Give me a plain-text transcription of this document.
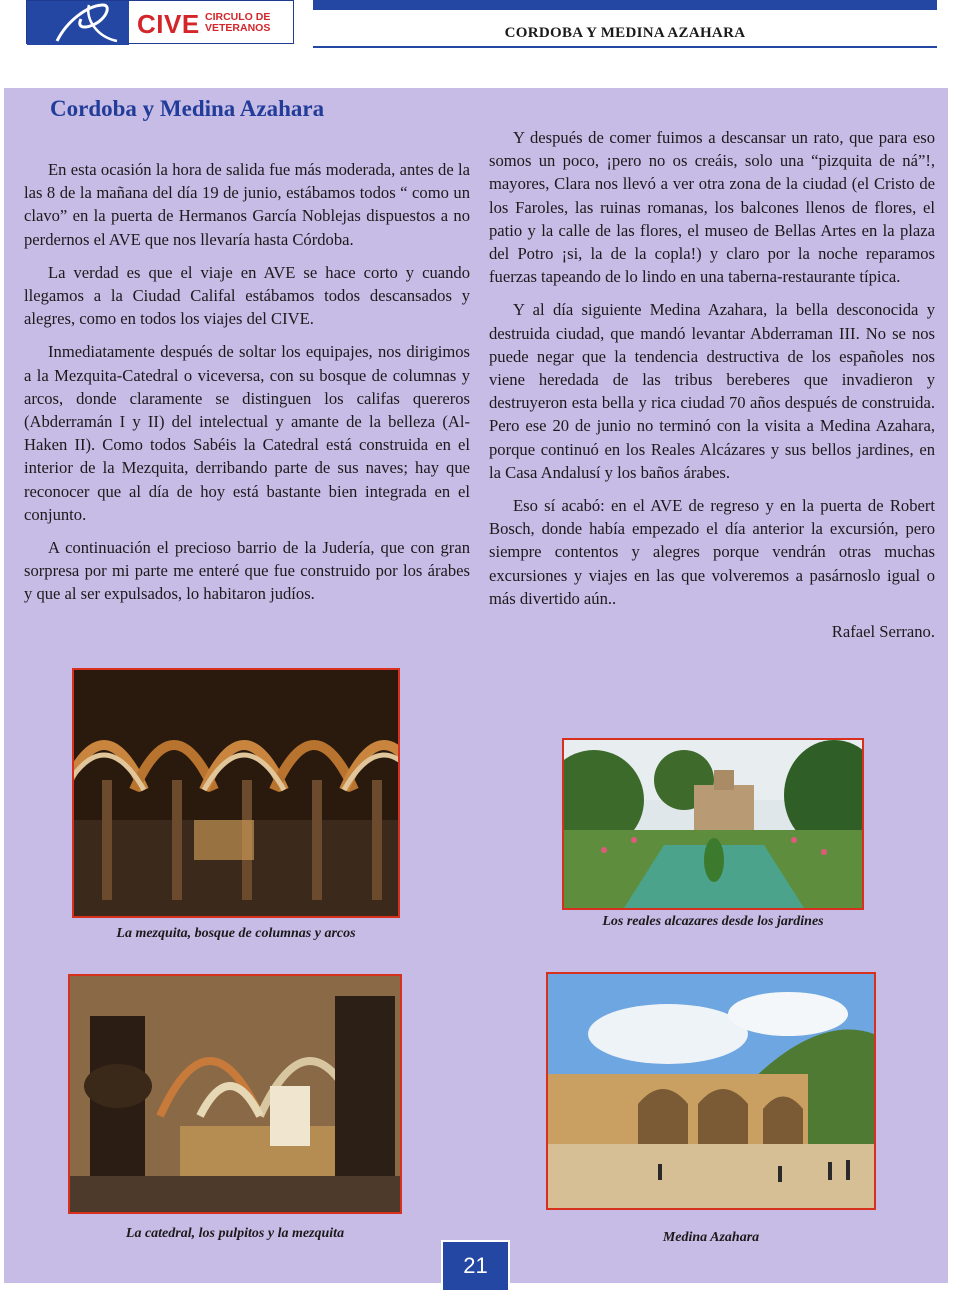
CIVE CIRCULO DE
VETERANOS	CORDOBA Y MEDINA AZAHARA
Cordoba y Medina Azahara

En esta ocasión la hora de salida fue más moderada, antes de la las 8 de la mañana del día 19 de junio, estábamos todos “ como un clavo” en la puerta de Hermanos García Noblejas dispuestos a no perdernos el AVE que nos llevaría hasta Córdoba.

La verdad es que el viaje en AVE se hace corto y cuando llegamos a la Ciudad Califal estábamos todos descansados y alegres, como en todos los viajes del CIVE.

Inmediatamente después de soltar los equipajes, nos dirigimos a la Mezquita-Catedral o viceversa, con su bosque de columnas y arcos, donde claramente se distinguen los califas quereros (Abderramán I y II) del intelectual y amante de la belleza (Al-Haken II). Como todos Sabéis la Catedral está construida en el interior de la Mezquita, derribando parte de sus naves; hay que reconocer que al día de hoy está bastante bien integrada en el conjunto.

A continuación el precioso barrio de la Judería, que con gran sorpresa por mi parte me enteré que fue construido por los árabes y que al ser expulsados, lo habitaron judíos.

Y después de comer fuimos a descansar un rato, que para eso somos un poco, ¡pero no os creáis, solo una “pizquita de ná”!, mayores, Clara nos llevó a ver otra zona de la ciudad (el Cristo de los Faroles, las ruinas romanas, los balcones llenos de flores, el patio y la calle de las flores, el museo de Bellas Artes en la plaza del Potro ¡si, la de la copla!) y claro por la noche reparamos fuerzas tapeando de lo lindo en una taberna-restaurante típica.

Y al día siguiente Medina Azahara, la bella desconocida y destruida ciudad, que mandó levantar Abderraman III. No se nos puede negar que la tendencia destructiva de los españoles nos viene heredada de las tribus bereberes que invadieron y destruyeron esta bella y rica ciudad 70 años después de construida. Pero ese 20 de junio no terminó con la visita a Medina Azahara, porque continuó en los Reales Alcázares y sus bellos jardines, en la Casa Andalusí y los baños árabes.

Eso sí acabó: en el AVE de regreso y en la puerta de Robert Bosch, donde había empezado el día anterior la excursión, pero siempre contentos y alegres porque vendrán otras muchas excursiones y viajes en las que volveremos a pasárnoslo igual o más divertido aún..

Rafael Serrano.

La mezquita, bosque de columnas y arcos
Los reales alcazares desde los jardines
La catedral, los pulpitos y la mezquita	Medina Azahara
21
